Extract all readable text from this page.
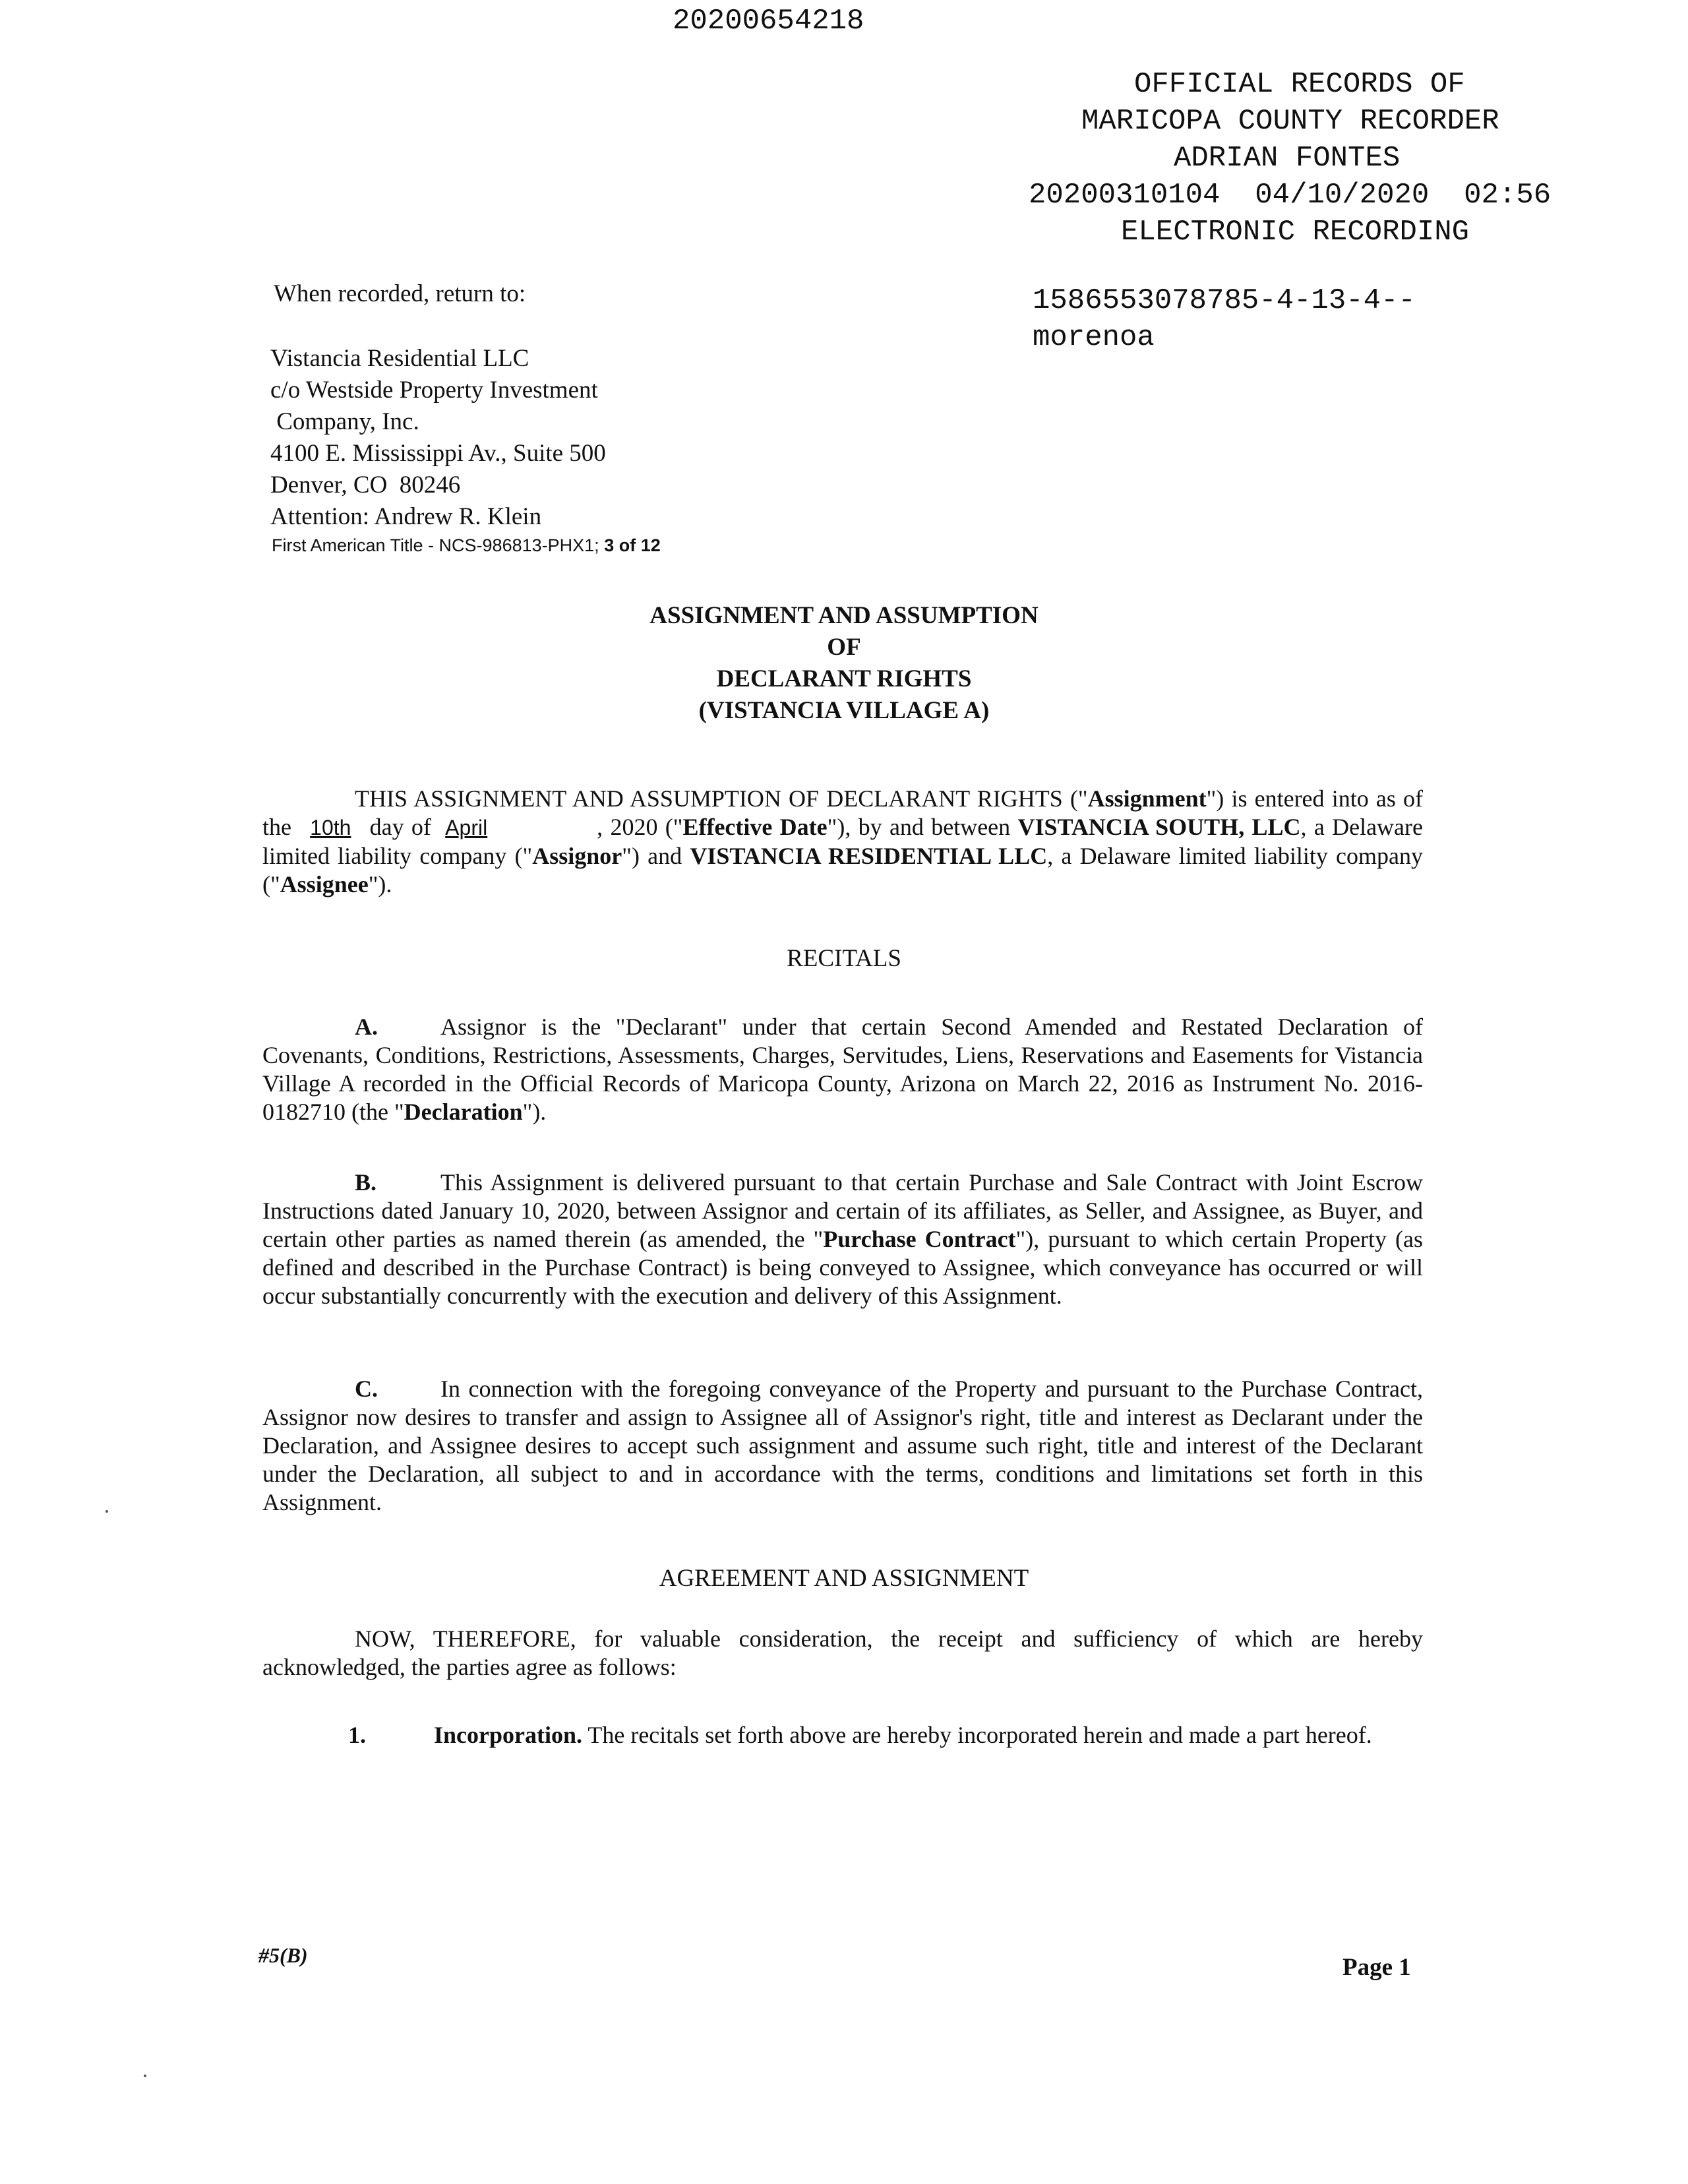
20200654218
OFFICIAL RECORDS OF
MARICOPA COUNTY RECORDER
ADRIAN FONTES
20200310104  04/10/2020  02:56
ELECTRONIC RECORDING
When recorded, return to:	1586553078785-4-13-4--
morenoa
Vistancia Residential LLC
c/o Westside Property Investment
Company, Inc.
4100 E. Mississippi Av., Suite 500
Denver, CO  80246
Attention: Andrew R. Klein
First American Title - NCS-986813-PHX1; 3 of 12
ASSIGNMENT AND ASSUMPTION
OF
DECLARANT RIGHTS
(VISTANCIA VILLAGE A)
THIS ASSIGNMENT AND ASSUMPTION OF DECLARANT RIGHTS ("Assignment") is entered into as of the 10th day of April	, 2020 ("Effective Date"), by and between VISTANCIA SOUTH, LLC, a Delaware limited liability company ("Assignor") and VISTANCIA RESIDENTIAL LLC, a Delaware limited liability company ("Assignee").
RECITALS
A.	Assignor is the "Declarant" under that certain Second Amended and Restated Declaration of Covenants, Conditions, Restrictions, Assessments, Charges, Servitudes, Liens, Reservations and Easements for Vistancia Village A recorded in the Official Records of Maricopa County, Arizona on March 22, 2016 as Instrument No. 2016-0182710 (the "Declaration").
B.	This Assignment is delivered pursuant to that certain Purchase and Sale Contract with Joint Escrow Instructions dated January 10, 2020, between Assignor and certain of its affiliates, as Seller, and Assignee, as Buyer, and certain other parties as named therein (as amended, the "Purchase Contract"), pursuant to which certain Property (as defined and described in the Purchase Contract) is being conveyed to Assignee, which conveyance has occurred or will occur substantially concurrently with the execution and delivery of this Assignment.
C.	In connection with the foregoing conveyance of the Property and pursuant to the Purchase Contract, Assignor now desires to transfer and assign to Assignee all of Assignor's right, title and interest as Declarant under the Declaration, and Assignee desires to accept such assignment and assume such right, title and interest of the Declarant under the Declaration, all subject to and in accordance with the terms, conditions and limitations set forth in this Assignment.
AGREEMENT AND ASSIGNMENT
NOW, THEREFORE, for valuable consideration, the receipt and sufficiency of which are hereby acknowledged, the parties agree as follows:
1.	Incorporation. The recitals set forth above are hereby incorporated herein and made a part hereof.
#5(B)	Page 1
